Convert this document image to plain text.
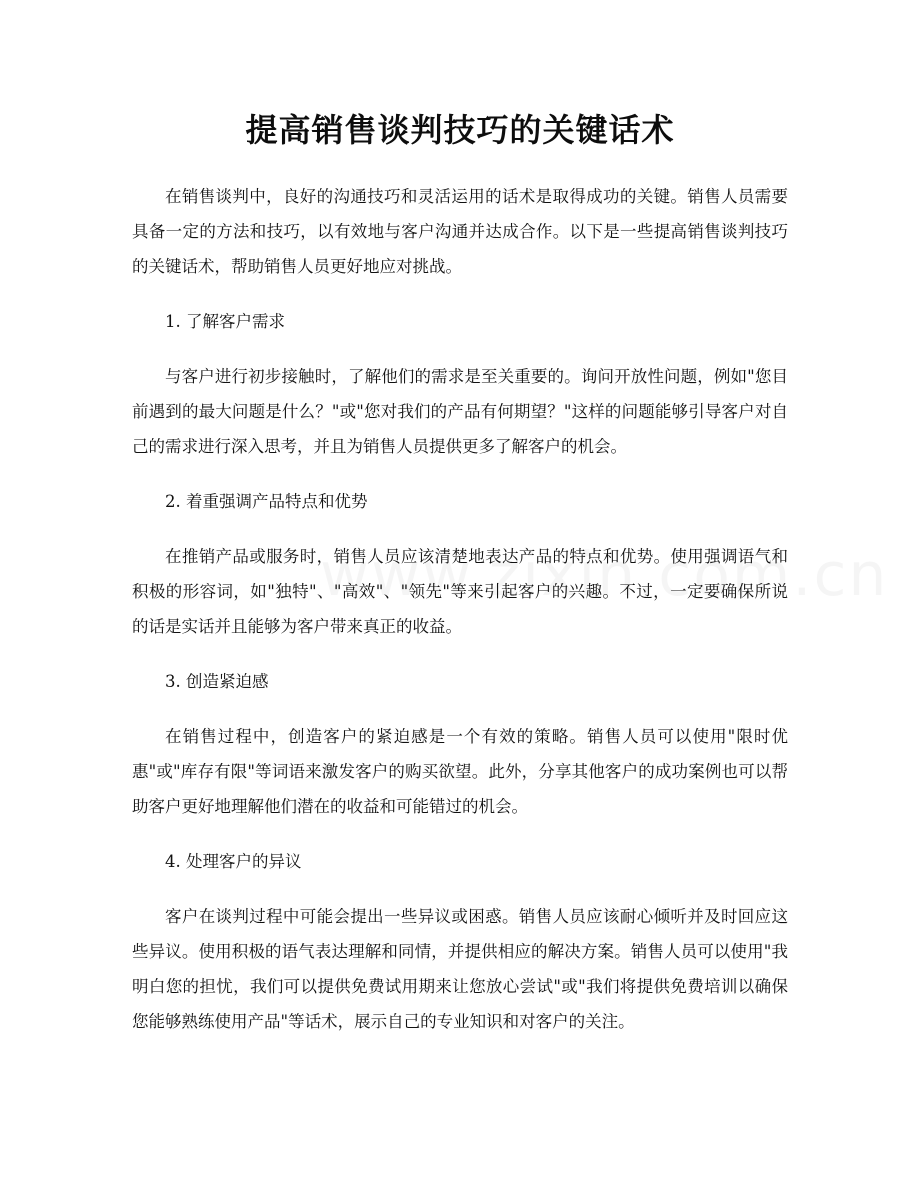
提高销售谈判技巧的关键话术

在销售谈判中，良好的沟通技巧和灵活运用的话术是取得成功的关键。销售人员需要具备一定的方法和技巧，以有效地与客户沟通并达成合作。以下是一些提高销售谈判技巧的关键话术，帮助销售人员更好地应对挑战。

1. 了解客户需求

与客户进行初步接触时，了解他们的需求是至关重要的。询问开放性问题，例如"您目前遇到的最大问题是什么？"或"您对我们的产品有何期望？"这样的问题能够引导客户对自己的需求进行深入思考，并且为销售人员提供更多了解客户的机会。

2. 着重强调产品特点和优势

在推销产品或服务时，销售人员应该清楚地表达产品的特点和优势。使用强调语气和积极的形容词，如"独特"、"高效"、"领先"等来引起客户的兴趣。不过，一定要确保所说的话是实话并且能够为客户带来真正的收益。

3. 创造紧迫感

在销售过程中，创造客户的紧迫感是一个有效的策略。销售人员可以使用"限时优惠"或"库存有限"等词语来激发客户的购买欲望。此外，分享其他客户的成功案例也可以帮助客户更好地理解他们潜在的收益和可能错过的机会。

4. 处理客户的异议

客户在谈判过程中可能会提出一些异议或困惑。销售人员应该耐心倾听并及时回应这些异议。使用积极的语气表达理解和同情，并提供相应的解决方案。销售人员可以使用"我明白您的担忧，我们可以提供免费试用期来让您放心尝试"或"我们将提供免费培训以确保您能够熟练使用产品"等话术，展示自己的专业知识和对客户的关注。
